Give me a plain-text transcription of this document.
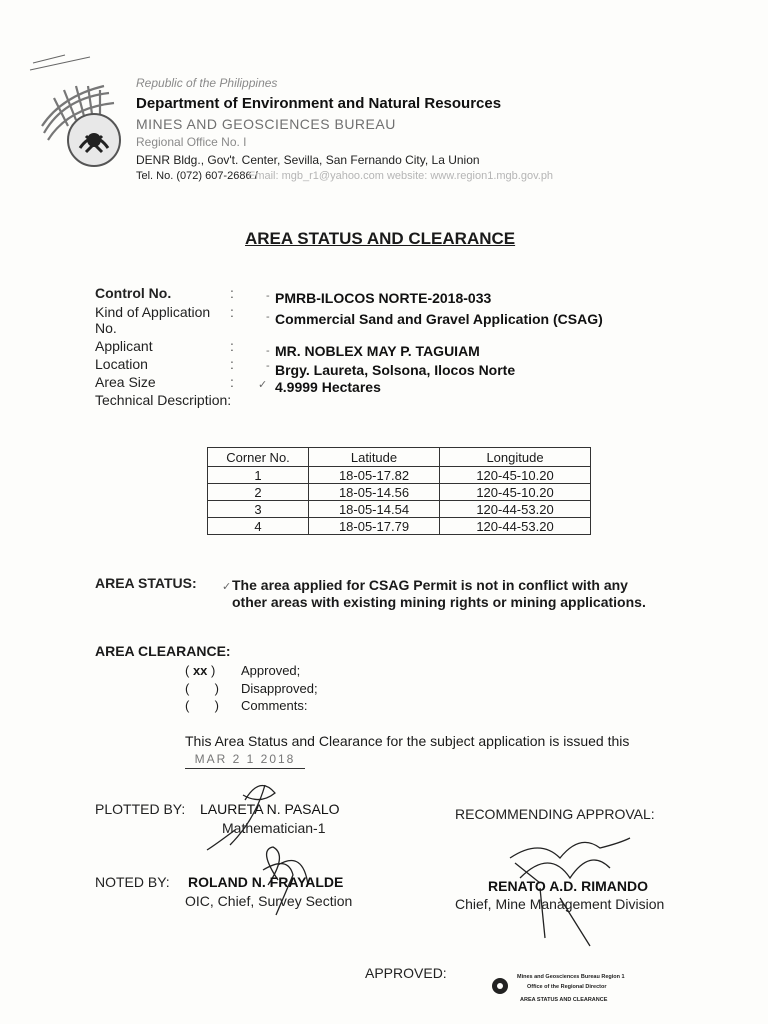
Republic of the Philippines
Department of Environment and Natural Resources
MINES AND GEOSCIENCES BUREAU
Regional Office No. I
DENR Bldg., Gov't. Center, Sevilla, San Fernando City, La Union
Tel. No. (072) 607-2686 /
Email: mgb_r1@yahoo.com website: www.region1.mgb.gov.ph
AREA STATUS AND CLEARANCE
Control No.	:	- PMRB-ILOCOS NORTE-2018-033
Kind of Application :
No.
- Commercial Sand and Gravel Application (CSAG)
Applicant	:	- MR. NOBLEX MAY P. TAGUIAM
Location	:	- Brgy. Laureta, Solsona, Ilocos Norte
Area Size	: ✓ 4.9999 Hectares
Technical Description:
Corner No.	Latitude	Longitude
1	18-05-17.82	120-45-10.20
2	18-05-14.56	120-45-10.20
3	18-05-14.54	120-44-53.20
4	18-05-17.79	120-44-53.20
AREA STATUS: ✓ The area applied for CSAG Permit is not in conflict with any other areas with existing mining rights or mining applications.
AREA CLEARANCE:
( xx ) Approved;
(       ) Disapproved;
(       ) Comments:
This Area Status and Clearance for the subject application is issued this MAR 2 1 2018
PLOTTED BY: LAURETA N. PASALO
Mathematician-1
RECOMMENDING APPROVAL:
NOTED BY: ROLAND N. FRAYALDE
OIC, Chief, Survey Section
RENATO A.D. RIMANDO
Chief, Mine Management Division
APPROVED:	Mines and Geosciences Bureau Region 1
Office of the Regional Director
AREA STATUS AND CLEARANCE
